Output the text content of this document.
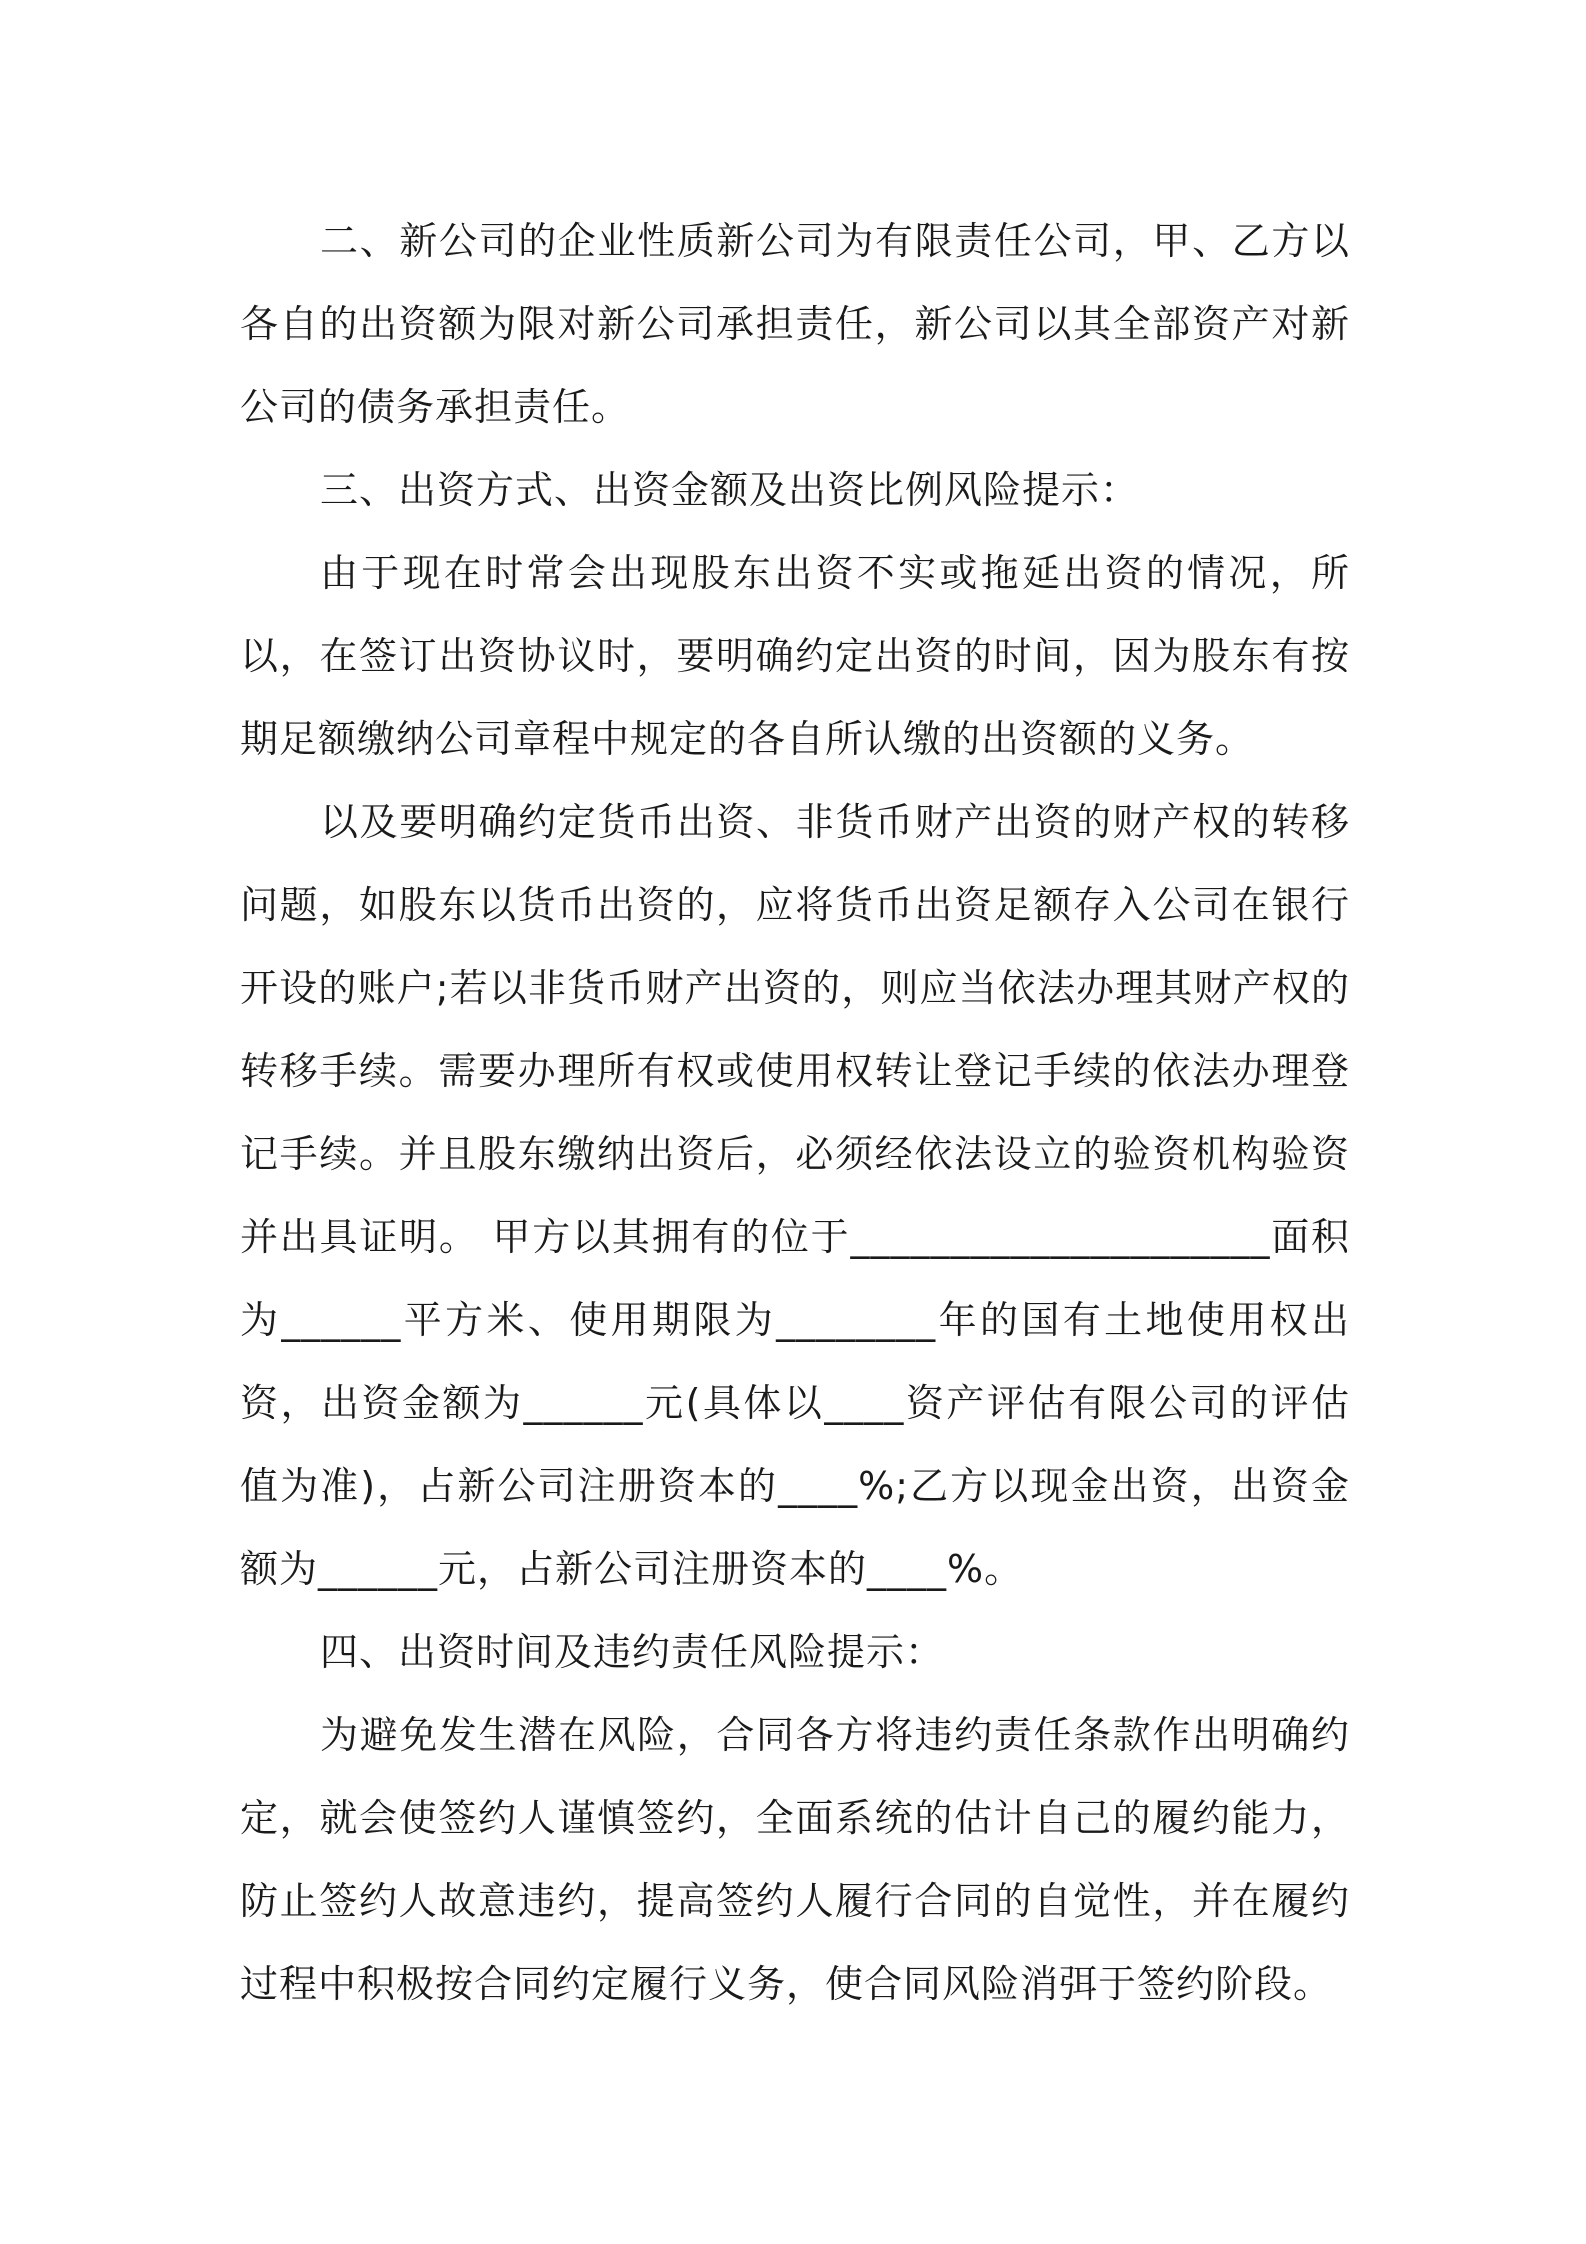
二、新公司的企业性质新公司为有限责任公司，甲、乙方以各自的出资额为限对新公司承担责任，新公司以其全部资产对新公司的债务承担责任。

三、出资方式、出资金额及出资比例风险提示：

由于现在时常会出现股东出资不实或拖延出资的情况，所以，在签订出资协议时，要明确约定出资的时间，因为股东有按期足额缴纳公司章程中规定的各自所认缴的出资额的义务。

以及要明确约定货币出资、非货币财产出资的财产权的转移问题，如股东以货币出资的，应将货币出资足额存入公司在银行开设的账户;若以非货币财产出资的，则应当依法办理其财产权的转移手续。需要办理所有权或使用权转让登记手续的依法办理登记手续。并且股东缴纳出资后，必须经依法设立的验资机构验资并出具证明。 甲方以其拥有的位于_____________________面积为______平方米、使用期限为________年的国有土地使用权出资，出资金额为______元(具体以____资产评估有限公司的评估值为准)，占新公司注册资本的____%;乙方以现金出资，出资金额为______元，占新公司注册资本的____%。

四、出资时间及违约责任风险提示：

为避免发生潜在风险，合同各方将违约责任条款作出明确约定，就会使签约人谨慎签约，全面系统的估计自己的履约能力，防止签约人故意违约，提高签约人履行合同的自觉性，并在履约过程中积极按合同约定履行义务，使合同风险消弭于签约阶段。
